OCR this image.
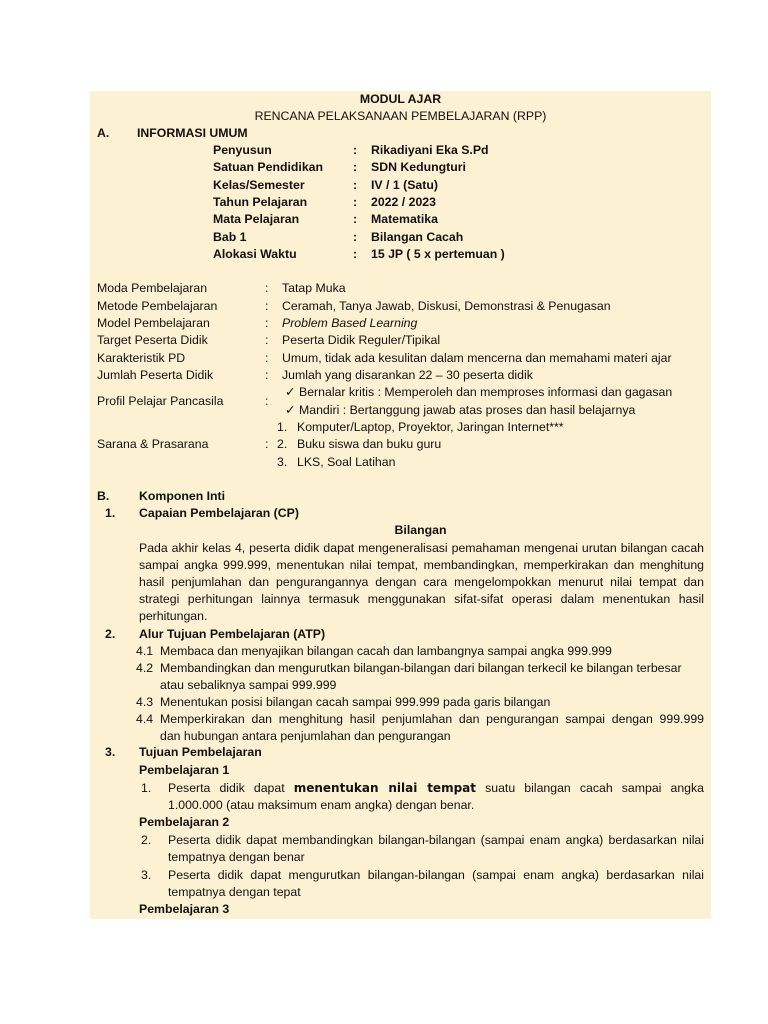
MODUL AJAR
RENCANA PELAKSANAAN PEMBELAJARAN (RPP)
A. INFORMASI UMUM
Penyusun	: Rikadiyani Eka S.Pd
Satuan Pendidikan : SDN Kedungturi
Kelas/Semester	: IV / 1 (Satu)
Tahun Pelajaran	: 2022 / 2023
Mata Pelajaran	: Matematika
Bab 1	: Bilangan Cacah
Alokasi Waktu	: 15 JP ( 5 x pertemuan )
Moda Pembelajaran	: Tatap Muka
Metode Pembelajaran	: Ceramah, Tanya Jawab, Diskusi, Demonstrasi & Penugasan
Model Pembelajaran	: Problem Based Learning
Target Peserta Didik	: Peserta Didik Reguler/Tipikal
Karakteristik PD	: Umum, tidak ada kesulitan dalam mencerna dan memahami materi ajar
Jumlah Peserta Didik	: Jumlah yang disarankan 22 – 30 peserta didik
Profil Pelajar Pancasila	:
✓ Bernalar kritis : Memperoleh dan memproses informasi dan gagasan
✓ Mandiri : Bertanggung jawab atas proses dan hasil belajarnya
Sarana & Prasarana	:
1. Komputer/Laptop, Proyektor, Jaringan Internet***
2. Buku siswa dan buku guru
3. LKS, Soal Latihan
B. Komponen Inti
1. Capaian Pembelajaran (CP)
Bilangan
Pada akhir kelas 4, peserta didik dapat mengeneralisasi pemahaman mengenai urutan bilangan cacah
sampai angka 999.999, menentukan nilai tempat, membandingkan, memperkirakan dan menghitung
hasil penjumlahan dan pengurangannya dengan cara mengelompokkan menurut nilai tempat dan
strategi perhitungan lainnya termasuk menggunakan sifat-sifat operasi dalam menentukan hasil
perhitungan.
2. Alur Tujuan Pembelajaran (ATP)
4.1 Membaca dan menyajikan bilangan cacah dan lambangnya sampai angka 999.999
4.2 Membandingkan dan mengurutkan bilangan-bilangan dari bilangan terkecil ke bilangan terbesar
atau sebaliknya sampai 999.999
4.3 Menentukan posisi bilangan cacah sampai 999.999 pada garis bilangan
4.4 Memperkirakan dan menghitung hasil penjumlahan dan pengurangan sampai dengan 999.999
dan hubungan antara penjumlahan dan pengurangan
3. Tujuan Pembelajaran
Pembelajaran 1
1. Peserta didik dapat menentukan nilai tempat suatu bilangan cacah sampai angka
1.000.000 (atau maksimum enam angka) dengan benar.
Pembelajaran 2
2. Peserta didik dapat membandingkan bilangan-bilangan (sampai enam angka) berdasarkan nilai
tempatnya dengan benar
3. Peserta didik dapat mengurutkan bilangan-bilangan (sampai enam angka) berdasarkan nilai
tempatnya dengan tepat
Pembelajaran 3
